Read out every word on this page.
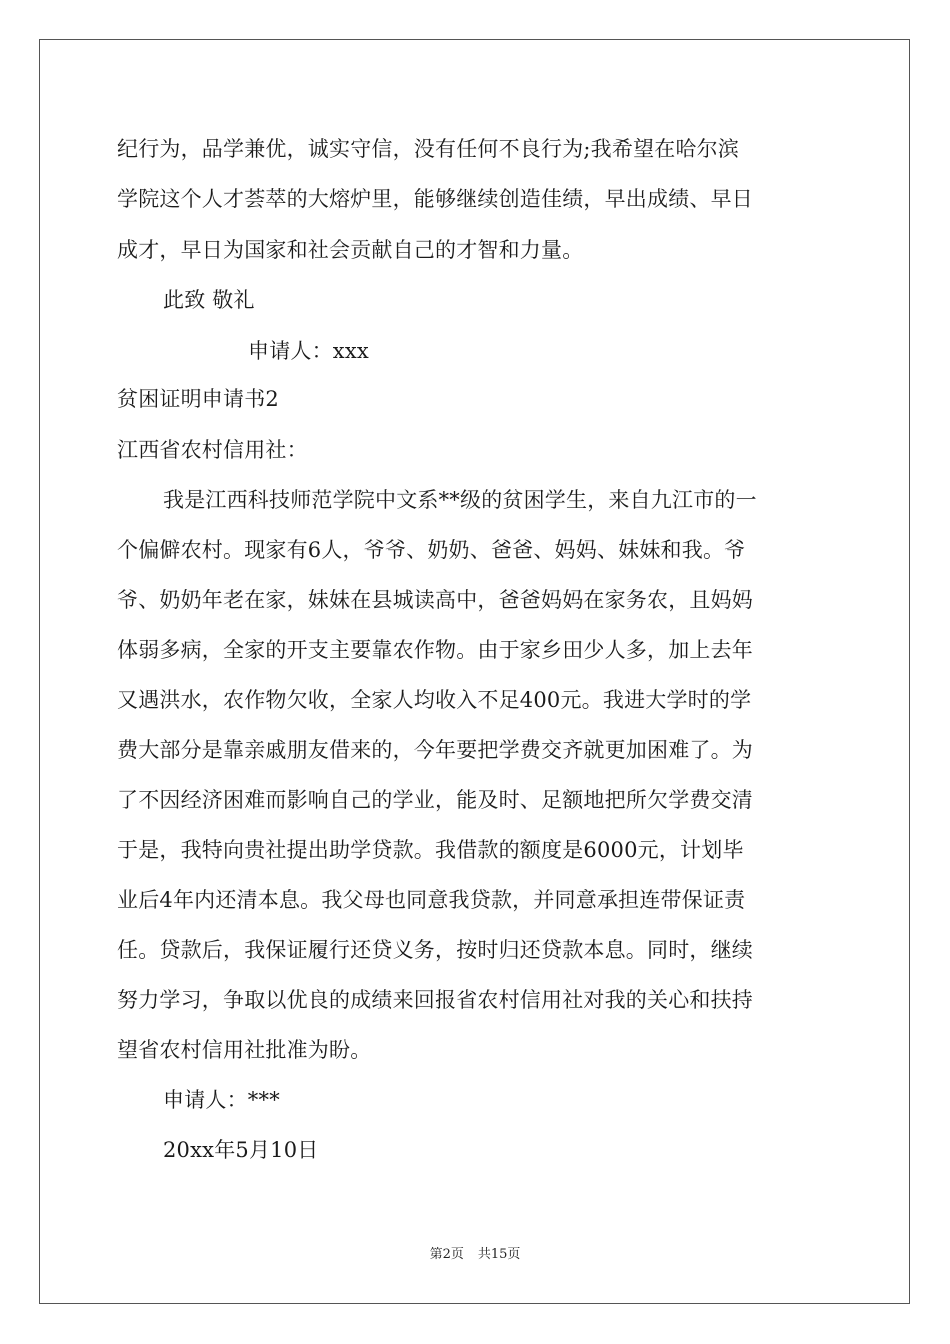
纪行为，品学兼优，诚实守信，没有任何不良行为;我希望在哈尔滨
学院这个人才荟萃的大熔炉里，能够继续创造佳绩，早出成绩、早日
成才，早日为国家和社会贡献自己的才智和力量。
此致 敬礼
申请人：xxx
贫困证明申请书2
江西省农村信用社：
我是江西科技师范学院中文系**级的贫困学生，来自九江市的一
个偏僻农村。现家有6人，爷爷、奶奶、爸爸、妈妈、妹妹和我。爷
爷、奶奶年老在家，妹妹在县城读高中，爸爸妈妈在家务农，且妈妈
体弱多病，全家的开支主要靠农作物。由于家乡田少人多，加上去年
又遇洪水，农作物欠收，全家人均收入不足400元。我进大学时的学
费大部分是靠亲戚朋友借来的，今年要把学费交齐就更加困难了。为
了不因经济困难而影响自己的学业，能及时、足额地把所欠学费交清
于是，我特向贵社提出助学贷款。我借款的额度是6000元，计划毕
业后4年内还清本息。我父母也同意我贷款，并同意承担连带保证责
任。贷款后，我保证履行还贷义务，按时归还贷款本息。同时，继续
努力学习，争取以优良的成绩来回报省农村信用社对我的关心和扶持
望省农村信用社批准为盼。
申请人：***
20xx年5月10日
第2页 共15页
